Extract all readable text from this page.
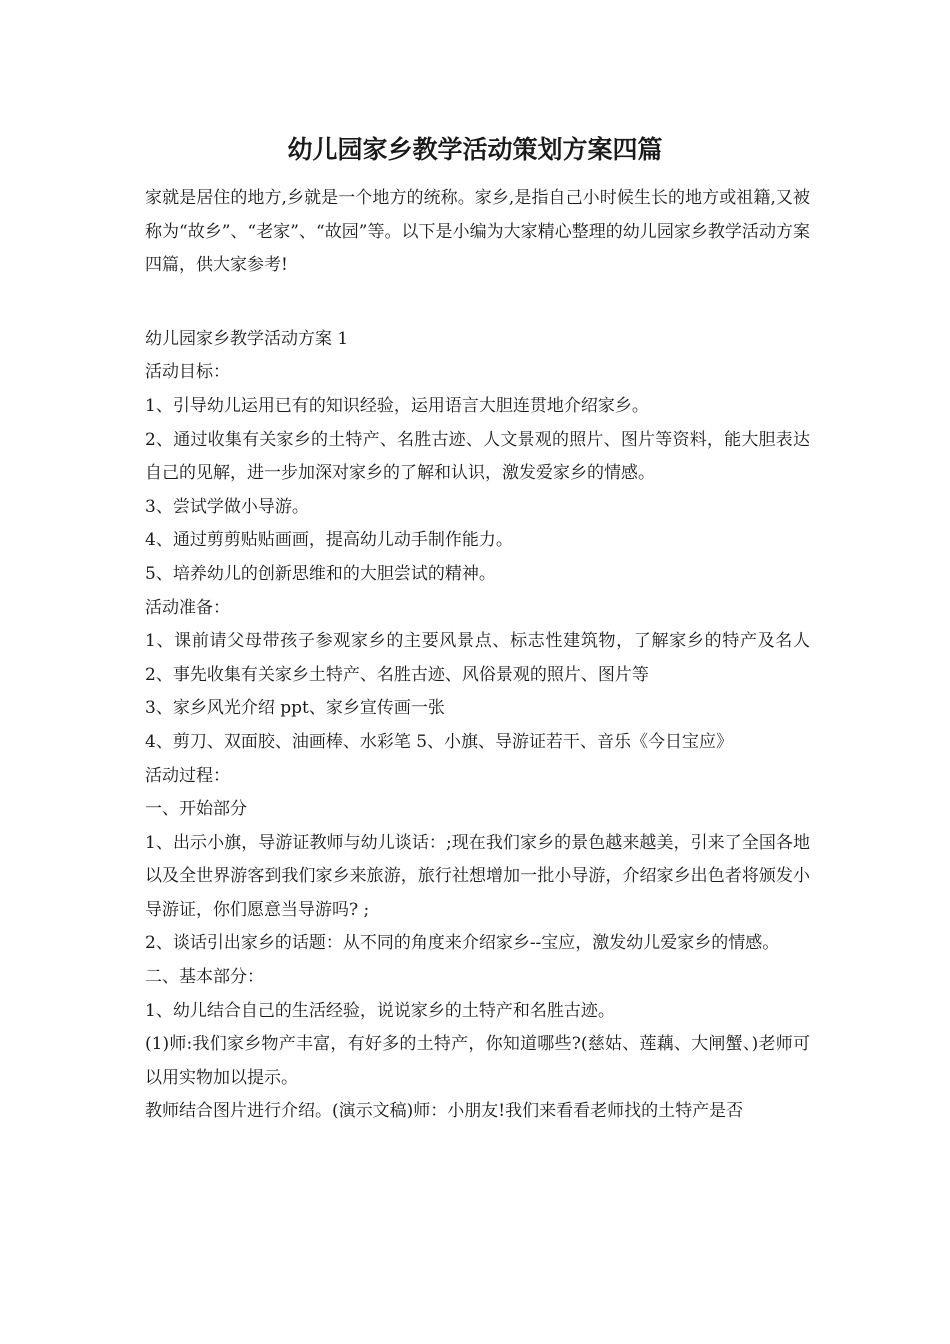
幼儿园家乡教学活动策划方案四篇

家就是居住的地方,乡就是一个地方的统称。家乡,是指自己小时候生长的地方或祖籍,又被称为“故乡”、“老家”、“故园”等。以下是小编为大家精心整理的幼儿园家乡教学活动方案四篇，供大家参考!

幼儿园家乡教学活动方案 1

活动目标：

1、引导幼儿运用已有的知识经验，运用语言大胆连贯地介绍家乡。

2、通过收集有关家乡的土特产、名胜古迹、人文景观的照片、图片等资料，能大胆表达自己的见解，进一步加深对家乡的了解和认识，激发爱家乡的情感。

3、尝试学做小导游。

4、通过剪剪贴贴画画，提高幼儿动手制作能力。

5、培养幼儿的创新思维和的大胆尝试的精神。

活动准备：

1、课前请父母带孩子参观家乡的主要风景点、标志性建筑物，了解家乡的特产及名人 2、事先收集有关家乡土特产、名胜古迹、风俗景观的照片、图片等

3、家乡风光介绍 ppt、家乡宣传画一张

4、剪刀、双面胶、油画棒、水彩笔 5、小旗、导游证若干、音乐《今日宝应》

活动过程：

一、开始部分

1、出示小旗，导游证教师与幼儿谈话：;现在我们家乡的景色越来越美，引来了全国各地以及全世界游客到我们家乡来旅游，旅行社想增加一批小导游，介绍家乡出色者将颁发小导游证，你们愿意当导游吗? ;

2、谈话引出家乡的话题：从不同的角度来介绍家乡--宝应，激发幼儿爱家乡的情感。

二、基本部分：

1、幼儿结合自己的生活经验，说说家乡的土特产和名胜古迹。

(1)师:我们家乡物产丰富，有好多的土特产，你知道哪些?(慈姑、莲藕、大闸蟹、)老师可以用实物加以提示。

教师结合图片进行介绍。(演示文稿)师：小朋友!我们来看看老师找的土特产是否
